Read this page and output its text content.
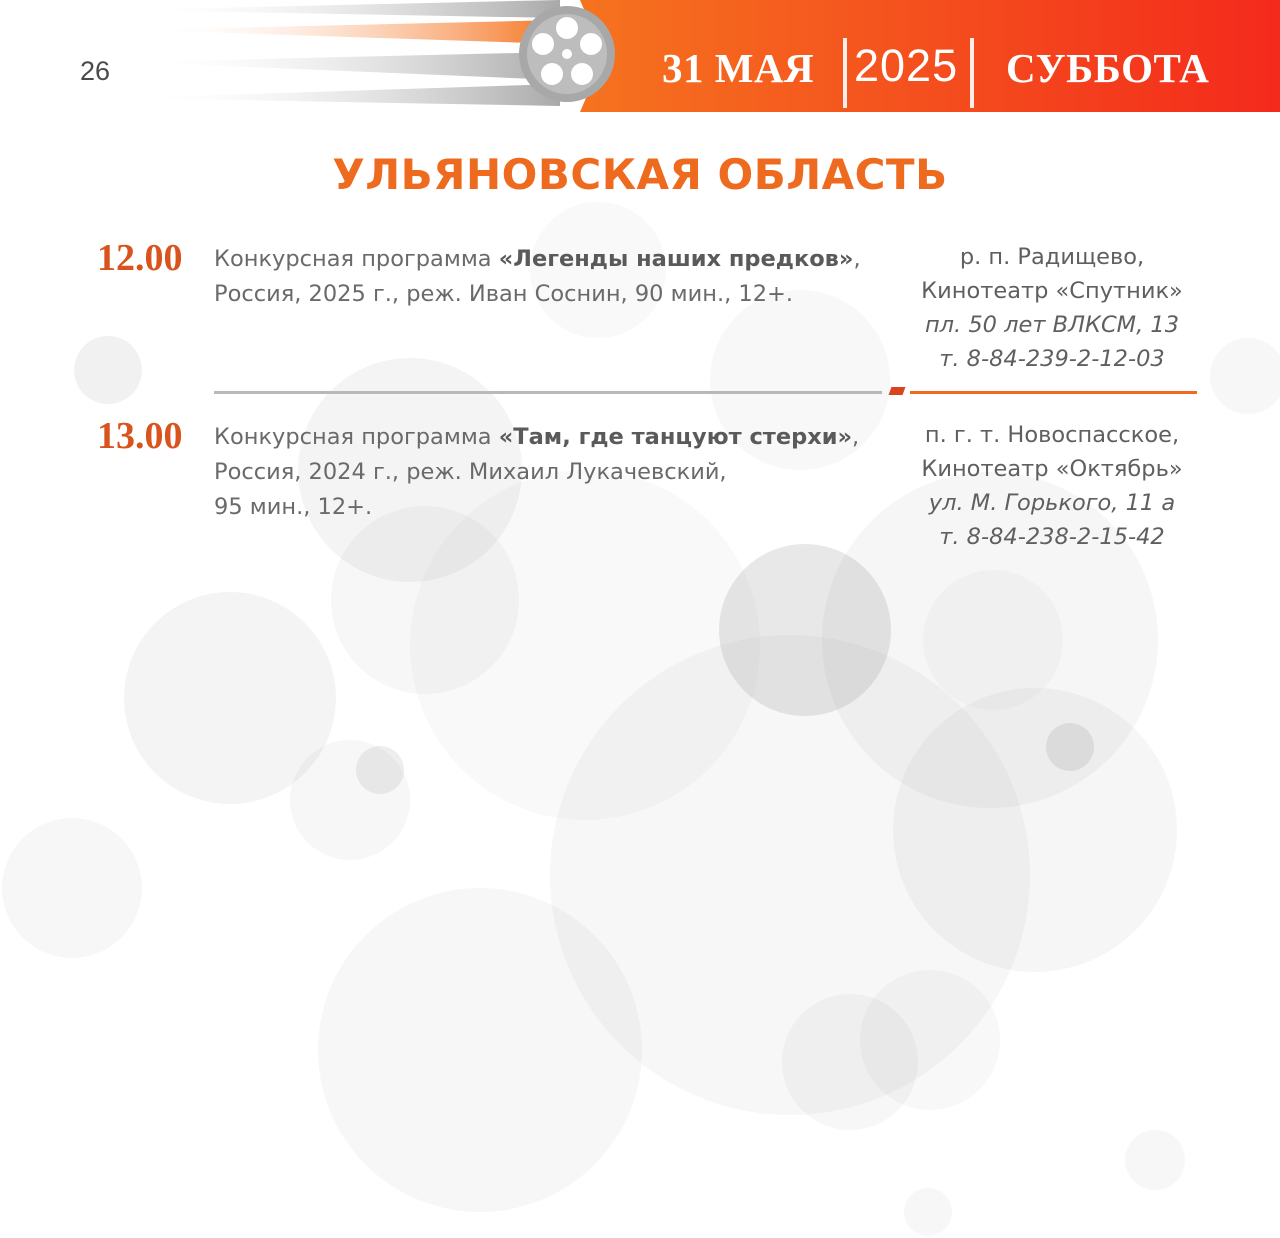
26	31 МАЯ 2025 СУББОТА
УЛЬЯНОВСКАЯ ОБЛАСТЬ
12.00 Конкурсная программа «Легенды наших предков»,
Россия, 2025 г., реж. Иван Соснин, 90 мин., 12+.
р. п. Радищево,
Кинотеатр «Спутник»
пл. 50 лет ВЛКСМ, 13
т. 8-84-239-2-12-03
13.00 Конкурсная программа «Там, где танцуют стерхи»,
Россия, 2024 г., реж. Михаил Лукачевский,
95 мин., 12+.
п. г. т. Новоспасское,
Кинотеатр «Октябрь»
ул. М. Горького, 11 а
т. 8-84-238-2-15-42
